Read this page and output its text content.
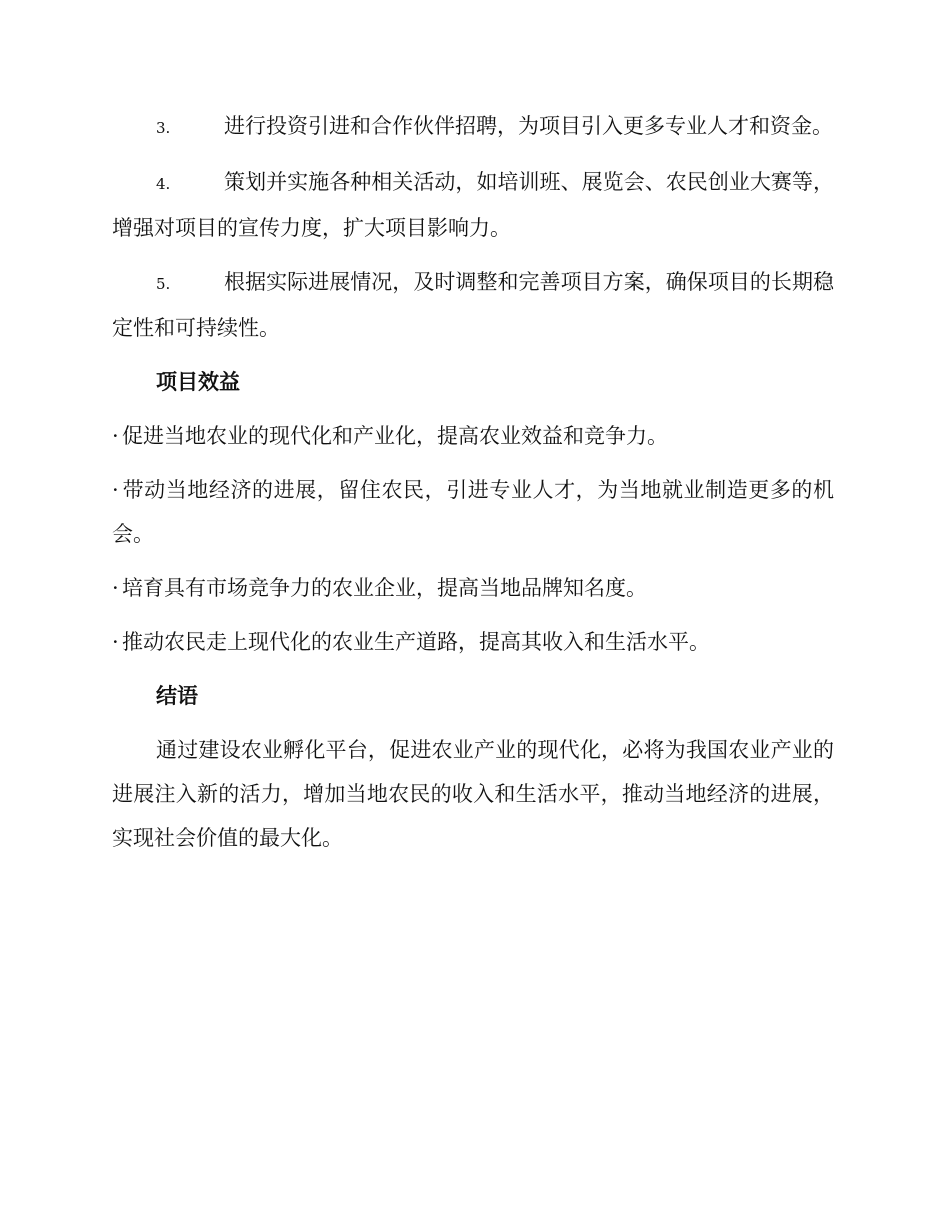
3.	进行投资引进和合作伙伴招聘，为项目引入更多专业人才和资金。

4.	策划并实施各种相关活动，如培训班、展览会、农民创业大赛等，增强对项目的宣传力度，扩大项目影响力。

5.	根据实际进展情况，及时调整和完善项目方案，确保项目的长期稳定性和可持续性。

项目效益

· 促进当地农业的现代化和产业化，提高农业效益和竞争力。

· 带动当地经济的进展，留住农民，引进专业人才，为当地就业制造更多的机会。

· 培育具有市场竞争力的农业企业，提高当地品牌知名度。

· 推动农民走上现代化的农业生产道路，提高其收入和生活水平。

结语

通过建设农业孵化平台，促进农业产业的现代化，必将为我国农业产业的进展注入新的活力，增加当地农民的收入和生活水平，推动当地经济的进展，实现社会价值的最大化。
